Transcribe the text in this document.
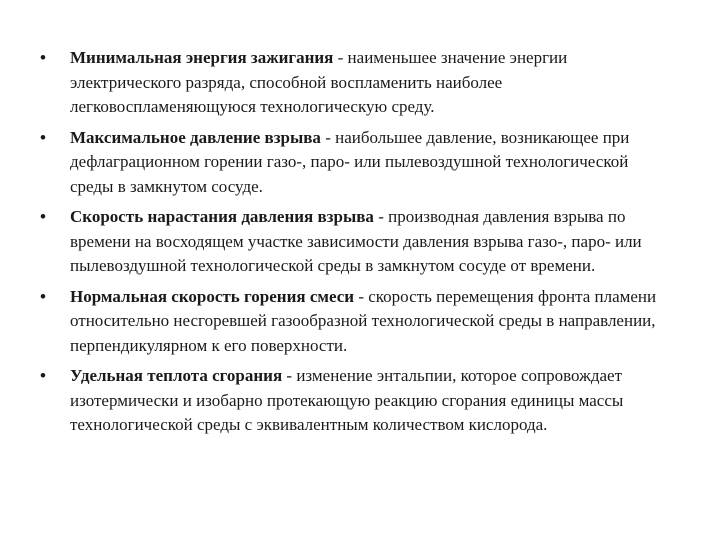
• Минимальная энергия зажигания - наименьшее значение энергии электрического разряда, способной воспламенить наиболее легковоспламеняющуюся технологическую среду.
• Максимальное давление взрыва - наибольшее давление, возникающее при дефлаграционном горении газо-, паро- или пылевоздушной технологической среды в замкнутом сосуде.
• Скорость нарастания давления взрыва - производная давления взрыва по времени на восходящем участке зависимости давления взрыва газо-, паро- или пылевоздушной технологической среды в замкнутом сосуде от времени.
• Нормальная скорость горения смеси - скорость перемещения фронта пламени относительно несгоревшей газообразной технологической среды в направлении, перпендикулярном к его поверхности.
• Удельная теплота сгорания - изменение энтальпии, которое сопровождает изотермически и изобарно протекающую реакцию сгорания единицы массы технологической среды с эквивалентным количеством кислорода.
